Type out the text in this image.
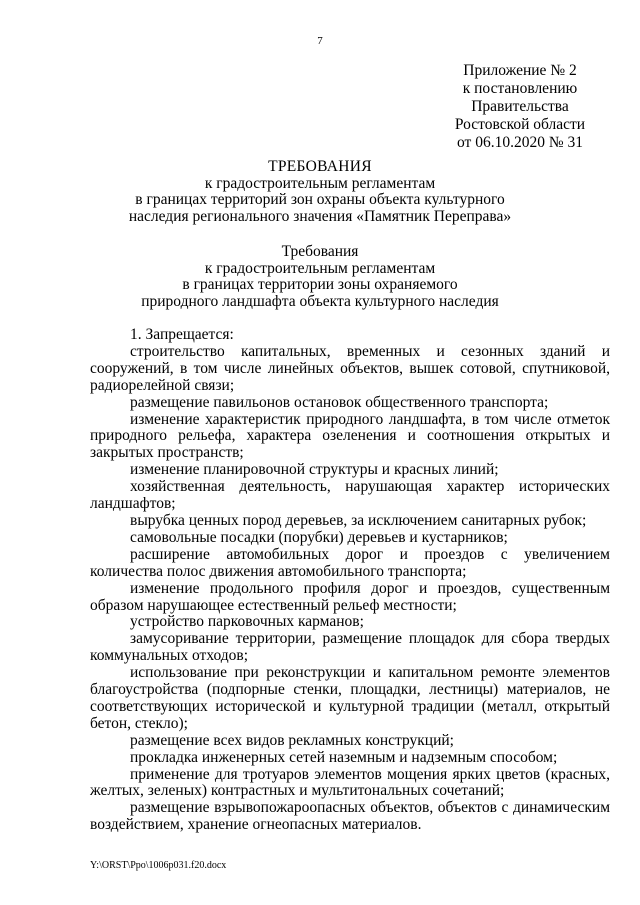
7
Приложение № 2
к постановлению
Правительства
Ростовской области
от 06.10.2020 № 31
ТРЕБОВАНИЯ
к градостроительным регламентам
в границах территорий зон охраны объекта культурного
наследия регионального значения «Памятник Переправа»
Требования
к градостроительным регламентам
в границах территории зоны охраняемого
природного ландшафта объекта культурного наследия

1. Запрещается:

строительство капитальных, временных и сезонных зданий и сооружений, в том числе линейных объектов, вышек сотовой, спутниковой, радиорелейной связи;

размещение павильонов остановок общественного транспорта;

изменение характеристик природного ландшафта, в том числе отметок природного рельефа, характера озеленения и соотношения открытых и закрытых пространств;

изменение планировочной структуры и красных линий;

хозяйственная деятельность, нарушающая характер исторических ландшафтов;

вырубка ценных пород деревьев, за исключением санитарных рубок;

самовольные посадки (порубки) деревьев и кустарников;

расширение автомобильных дорог и проездов с увеличением количества полос движения автомобильного транспорта;

изменение продольного профиля дорог и проездов, существенным образом нарушающее естественный рельеф местности;

устройство парковочных карманов;

замусоривание территории, размещение площадок для сбора твердых коммунальных отходов;

использование при реконструкции и капитальном ремонте элементов благоустройства (подпорные стенки, площадки, лестницы) материалов, не соответствующих исторической и культурной традиции (металл, открытый бетон, стекло);

размещение всех видов рекламных конструкций;

прокладка инженерных сетей наземным и надземным способом;

применение для тротуаров элементов мощения ярких цветов (красных, желтых, зеленых) контрастных и мультитональных сочетаний;

размещение взрывопожароопасных объектов, объектов с динамическим воздействием, хранение огнеопасных материалов.

Y:\ORST\Ppo\1006p031.f20.docx
